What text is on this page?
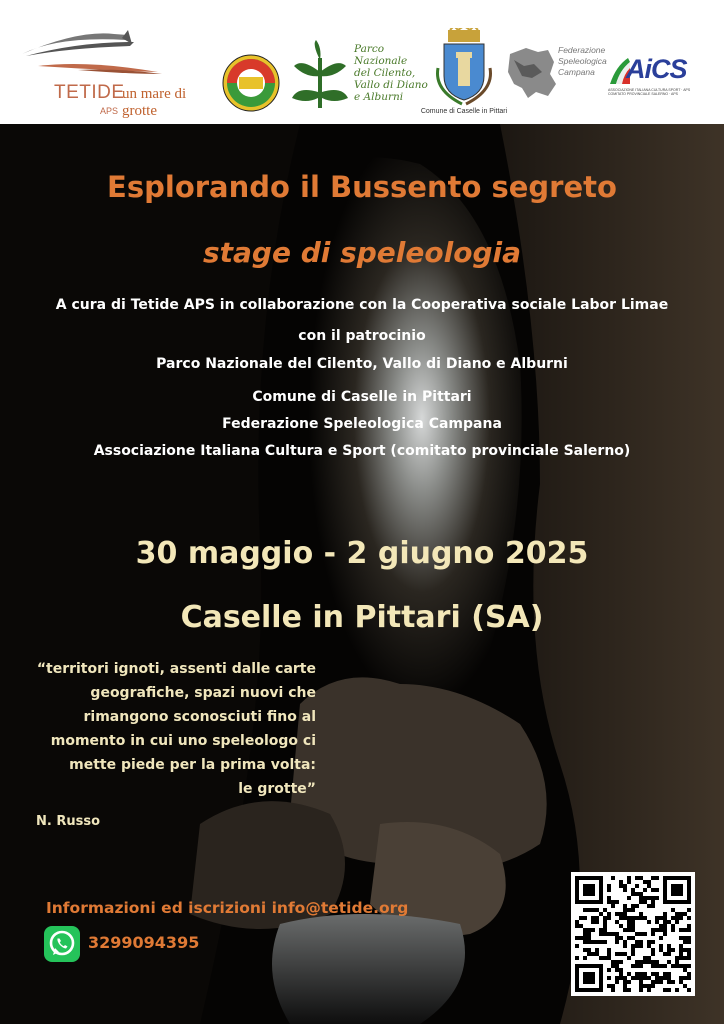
TETIDE
APS
un mare di grotte
Parco Nazionale
del Cilento,
Vallo di Diano
e Alburni
Comune di Caselle in Pittari
Federazione
Speleologica
Campana	AiCS
ASSOCIAZIONE ITALIANA CULTURA SPORT · APS COMITATO PROVINCIALE SALERNO · APS
Esplorando il Bussento segreto
stage di speleologia
A cura di Tetide APS in collaborazione con la Cooperativa sociale Labor Limae
con il patrocinio
Parco Nazionale del Cilento, Vallo di Diano e Alburni
Comune di Caselle in Pittari
Federazione Speleologica Campana
Associazione Italiana Cultura e Sport (comitato provinciale Salerno)
30 maggio - 2 giugno 2025
Caselle in Pittari (SA)
“territori ignoti, assenti dalle carte
geografiche, spazi nuovi che
rimangono sconosciuti fino al
momento in cui uno speleologo ci
mette piede per la prima volta:
le grotte”
N. Russo
Informazioni ed iscrizioni info@tetide.org
3299094395
